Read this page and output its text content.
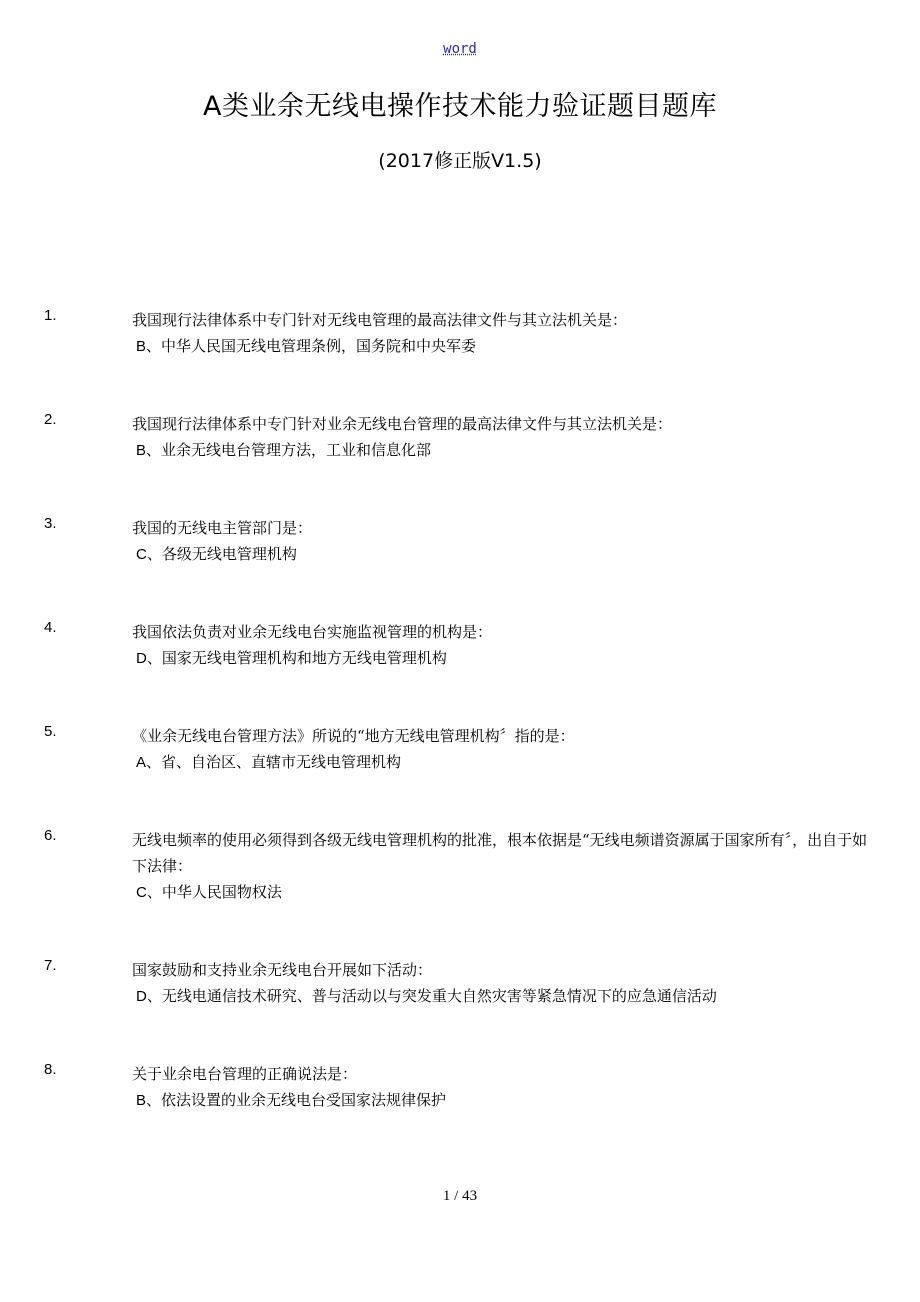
word
A类业余无线电操作技术能力验证题目题库
(2017修正版V1.5)
1.	我国现行法律体系中专门针对无线电管理的最高法律文件与其立法机关是：
B、中华人民国无线电管理条例，国务院和中央军委
2.	我国现行法律体系中专门针对业余无线电台管理的最高法律文件与其立法机关是：
B、业余无线电台管理方法，工业和信息化部
3.	我国的无线电主管部门是：
C、各级无线电管理机构
4.	我国依法负责对业余无线电台实施监视管理的机构是：
D、国家无线电管理机构和地方无线电管理机构
5.	《业余无线电台管理方法》所说的“地方无线电管理机构〞指的是：
A、省、自治区、直辖市无线电管理机构
6.	无线电频率的使用必须得到各级无线电管理机构的批准，根本依据是“无线电频谱资源属于国家所有〞，出自于如下法律：
C、中华人民国物权法
7.	国家鼓励和支持业余无线电台开展如下活动：
D、无线电通信技术研究、普与活动以与突发重大自然灾害等紧急情况下的应急通信活动
8.	关于业余电台管理的正确说法是：
B、依法设置的业余无线电台受国家法规律保护
1 / 43
